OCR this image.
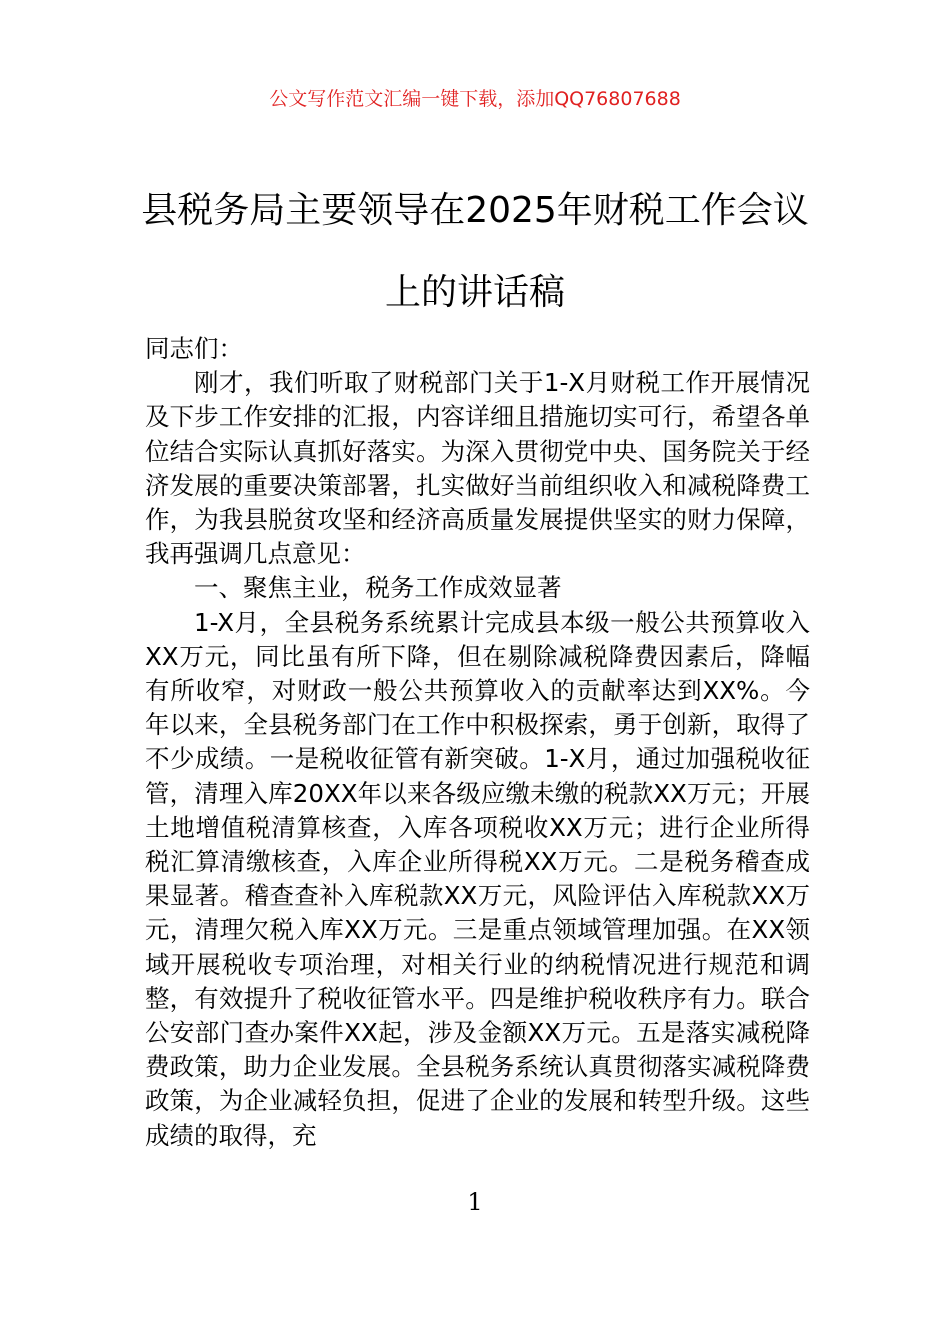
公文写作范文汇编一键下载，添加QQ76807688
县税务局主要领导在2025年财税工作会议
上的讲话稿

同志们：

刚才，我们听取了财税部门关于1-X月财税工作开展情况及下步工作安排的汇报，内容详细且措施切实可行，希望各单位结合实际认真抓好落实。为深入贯彻党中央、国务院关于经济发展的重要决策部署，扎实做好当前组织收入和减税降费工作，为我县脱贫攻坚和经济高质量发展提供坚实的财力保障，我再强调几点意见：

一、聚焦主业，税务工作成效显著

1-X月，全县税务系统累计完成县本级一般公共预算收入XX万元，同比虽有所下降，但在剔除减税降费因素后，降幅有所收窄，对财政一般公共预算收入的贡献率达到XX%。今年以来，全县税务部门在工作中积极探索，勇于创新，取得了不少成绩。一是税收征管有新突破。1-X月，通过加强税收征管，清理入库20XX年以来各级应缴未缴的税款XX万元；开展土地增值税清算核查，入库各项税收XX万元；进行企业所得税汇算清缴核查，入库企业所得税XX万元。二是税务稽查成果显著。稽查查补入库税款XX万元，风险评估入库税款XX万元，清理欠税入库XX万元。三是重点领域管理加强。在XX领域开展税收专项治理，对相关行业的纳税情况进行规范和调整，有效提升了税收征管水平。四是维护税收秩序有力。联合公安部门查办案件XX起，涉及金额XX万元。五是落实减税降费政策，助力企业发展。全县税务系统认真贯彻落实减税降费政策，为企业减轻负担，促进了企业的发展和转型升级。这些成绩的取得，充

1
